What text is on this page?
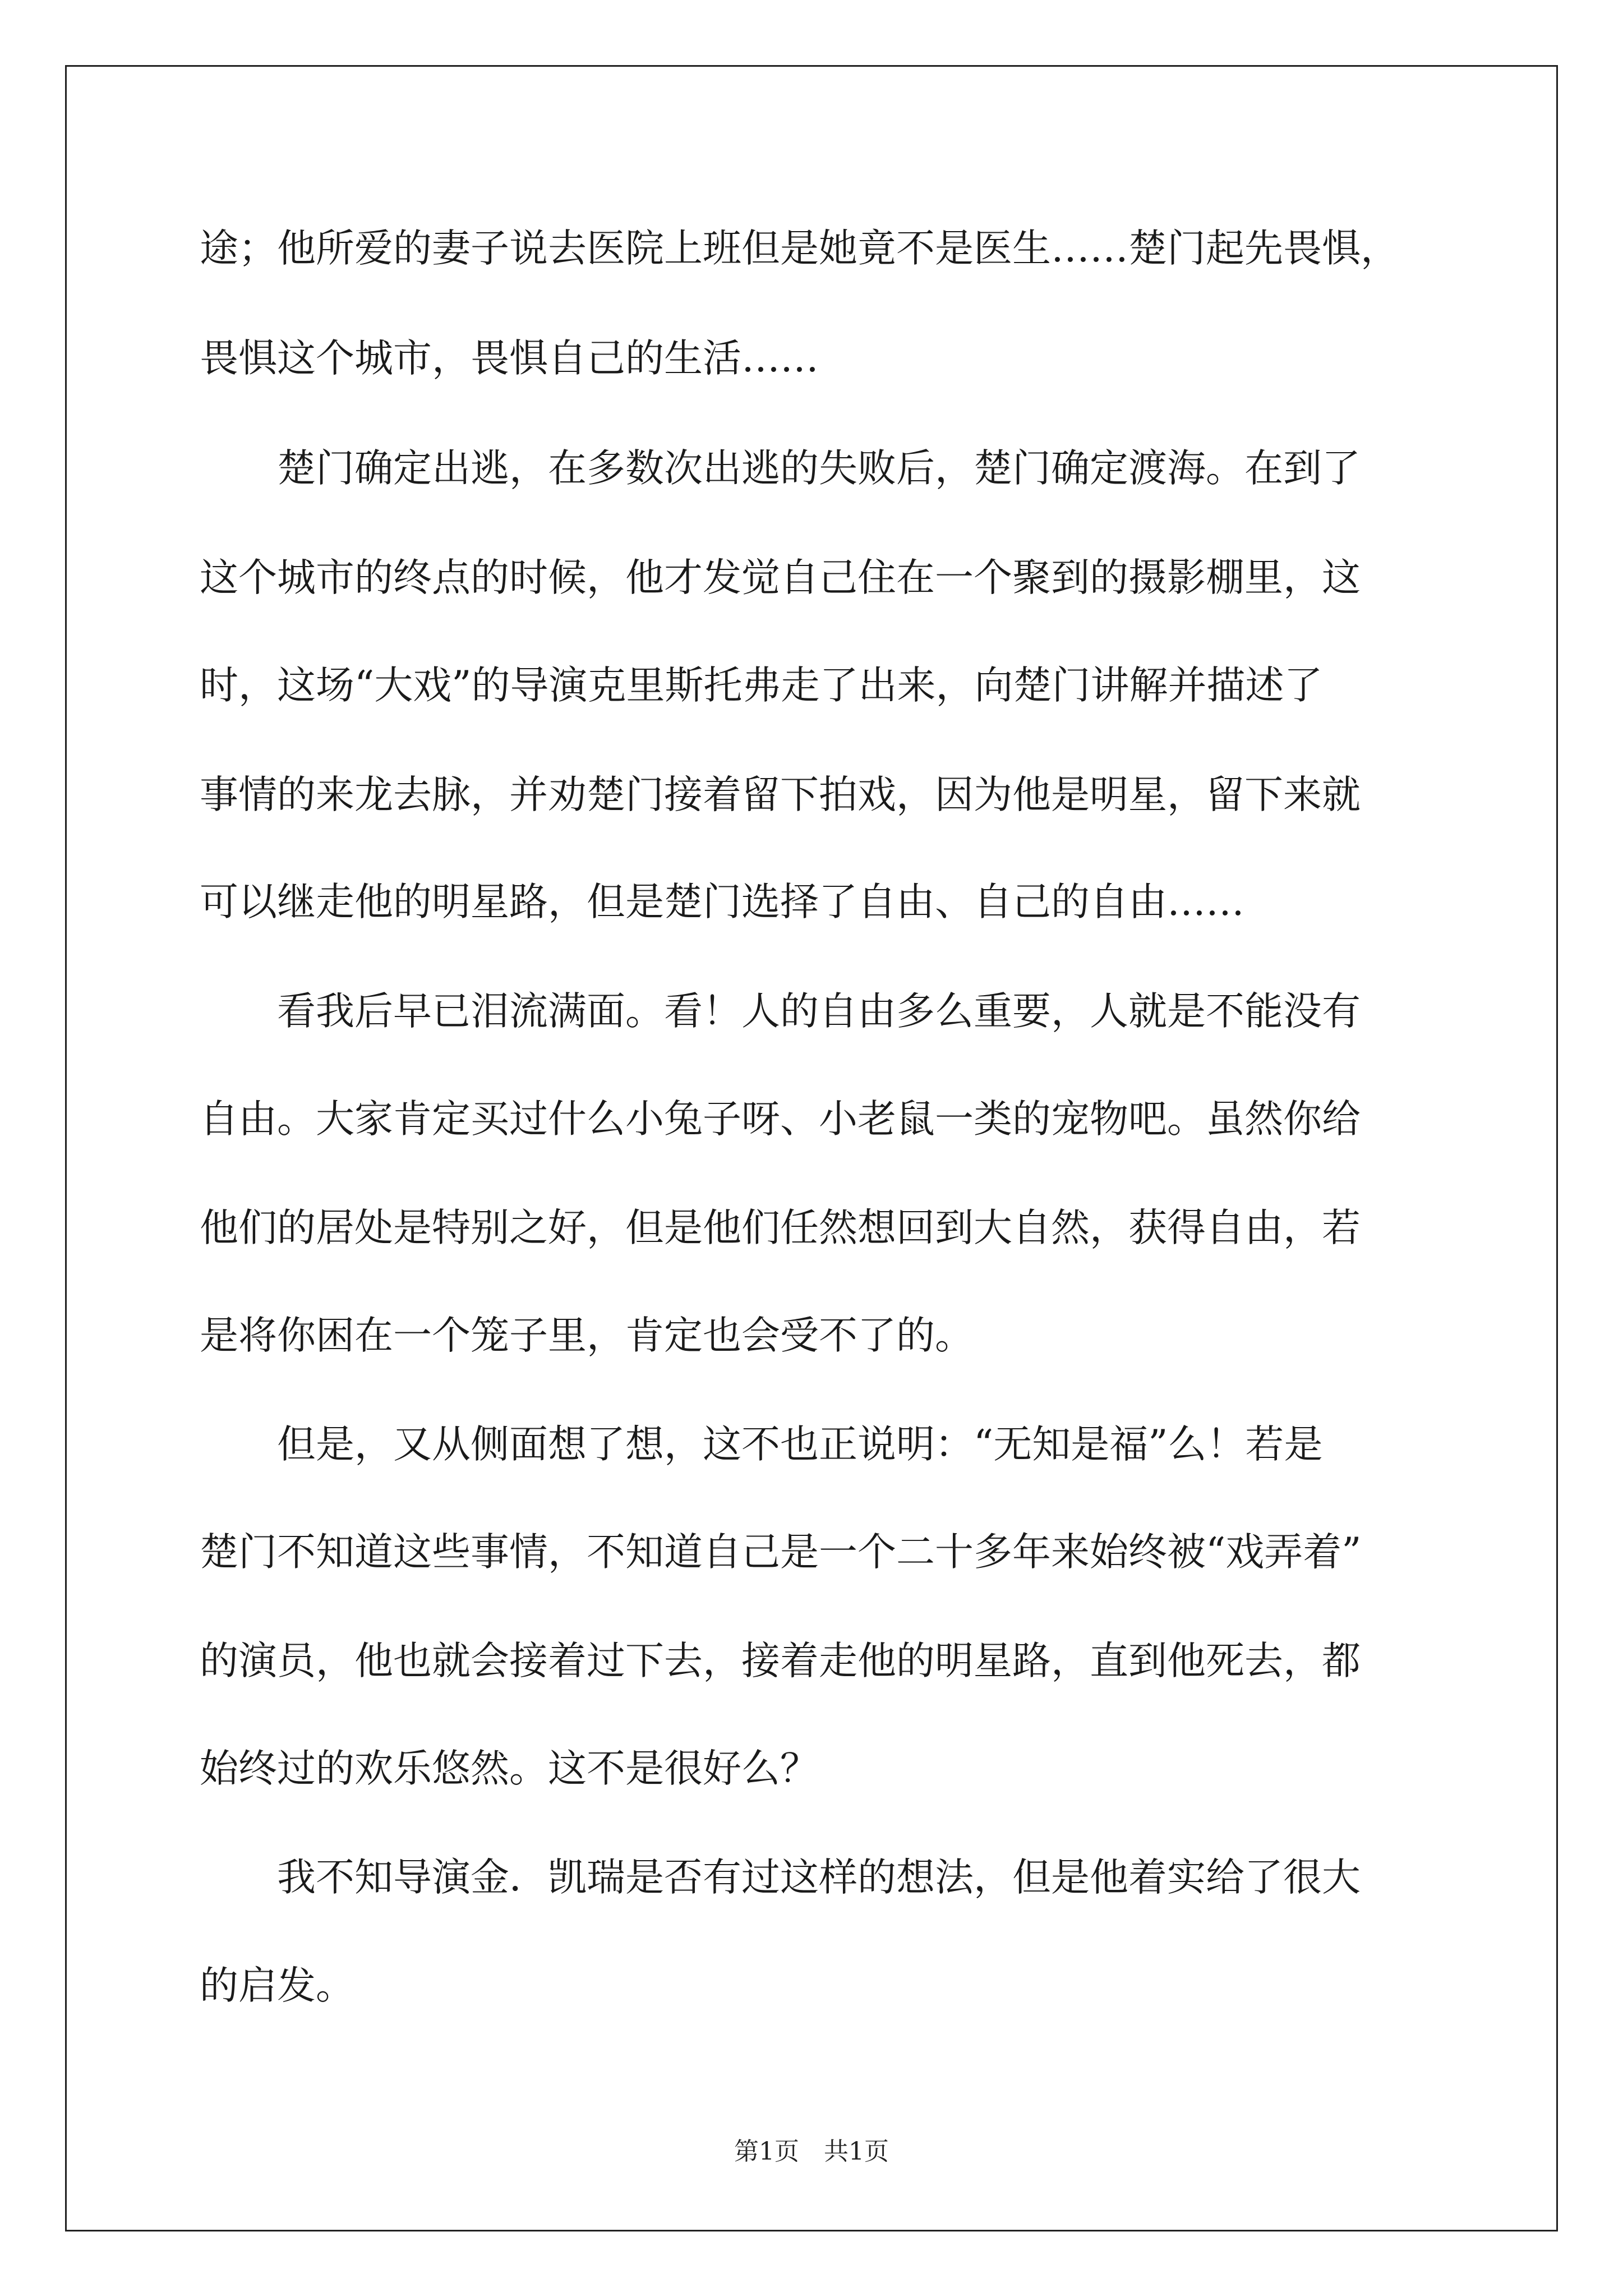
途；他所爱的妻子说去医院上班但是她竟不是医生……楚门起先畏惧，
畏惧这个城市，畏惧自己的生活……
　　楚门确定出逃，在多数次出逃的失败后，楚门确定渡海。在到了
这个城市的终点的时候，他才发觉自己住在一个聚到的摄影棚里，这
时，这场“大戏”的导演克里斯托弗走了出来，向楚门讲解并描述了
事情的来龙去脉，并劝楚门接着留下拍戏，因为他是明星，留下来就
可以继走他的明星路，但是楚门选择了自由、自己的自由……
　　看我后早已泪流满面。看！人的自由多么重要，人就是不能没有
自由。大家肯定买过什么小兔子呀、小老鼠一类的宠物吧。虽然你给
他们的居处是特别之好，但是他们任然想回到大自然，获得自由，若
是将你困在一个笼子里，肯定也会受不了的。
　　但是，又从侧面想了想，这不也正说明：“无知是福”么！若是
楚门不知道这些事情，不知道自己是一个二十多年来始终被“戏弄着”
的演员，他也就会接着过下去，接着走他的明星路，直到他死去，都
始终过的欢乐悠然。这不是很好么？
　　我不知导演金．凯瑞是否有过这样的想法，但是他着实给了很大
的启发。
第1页　共1页
